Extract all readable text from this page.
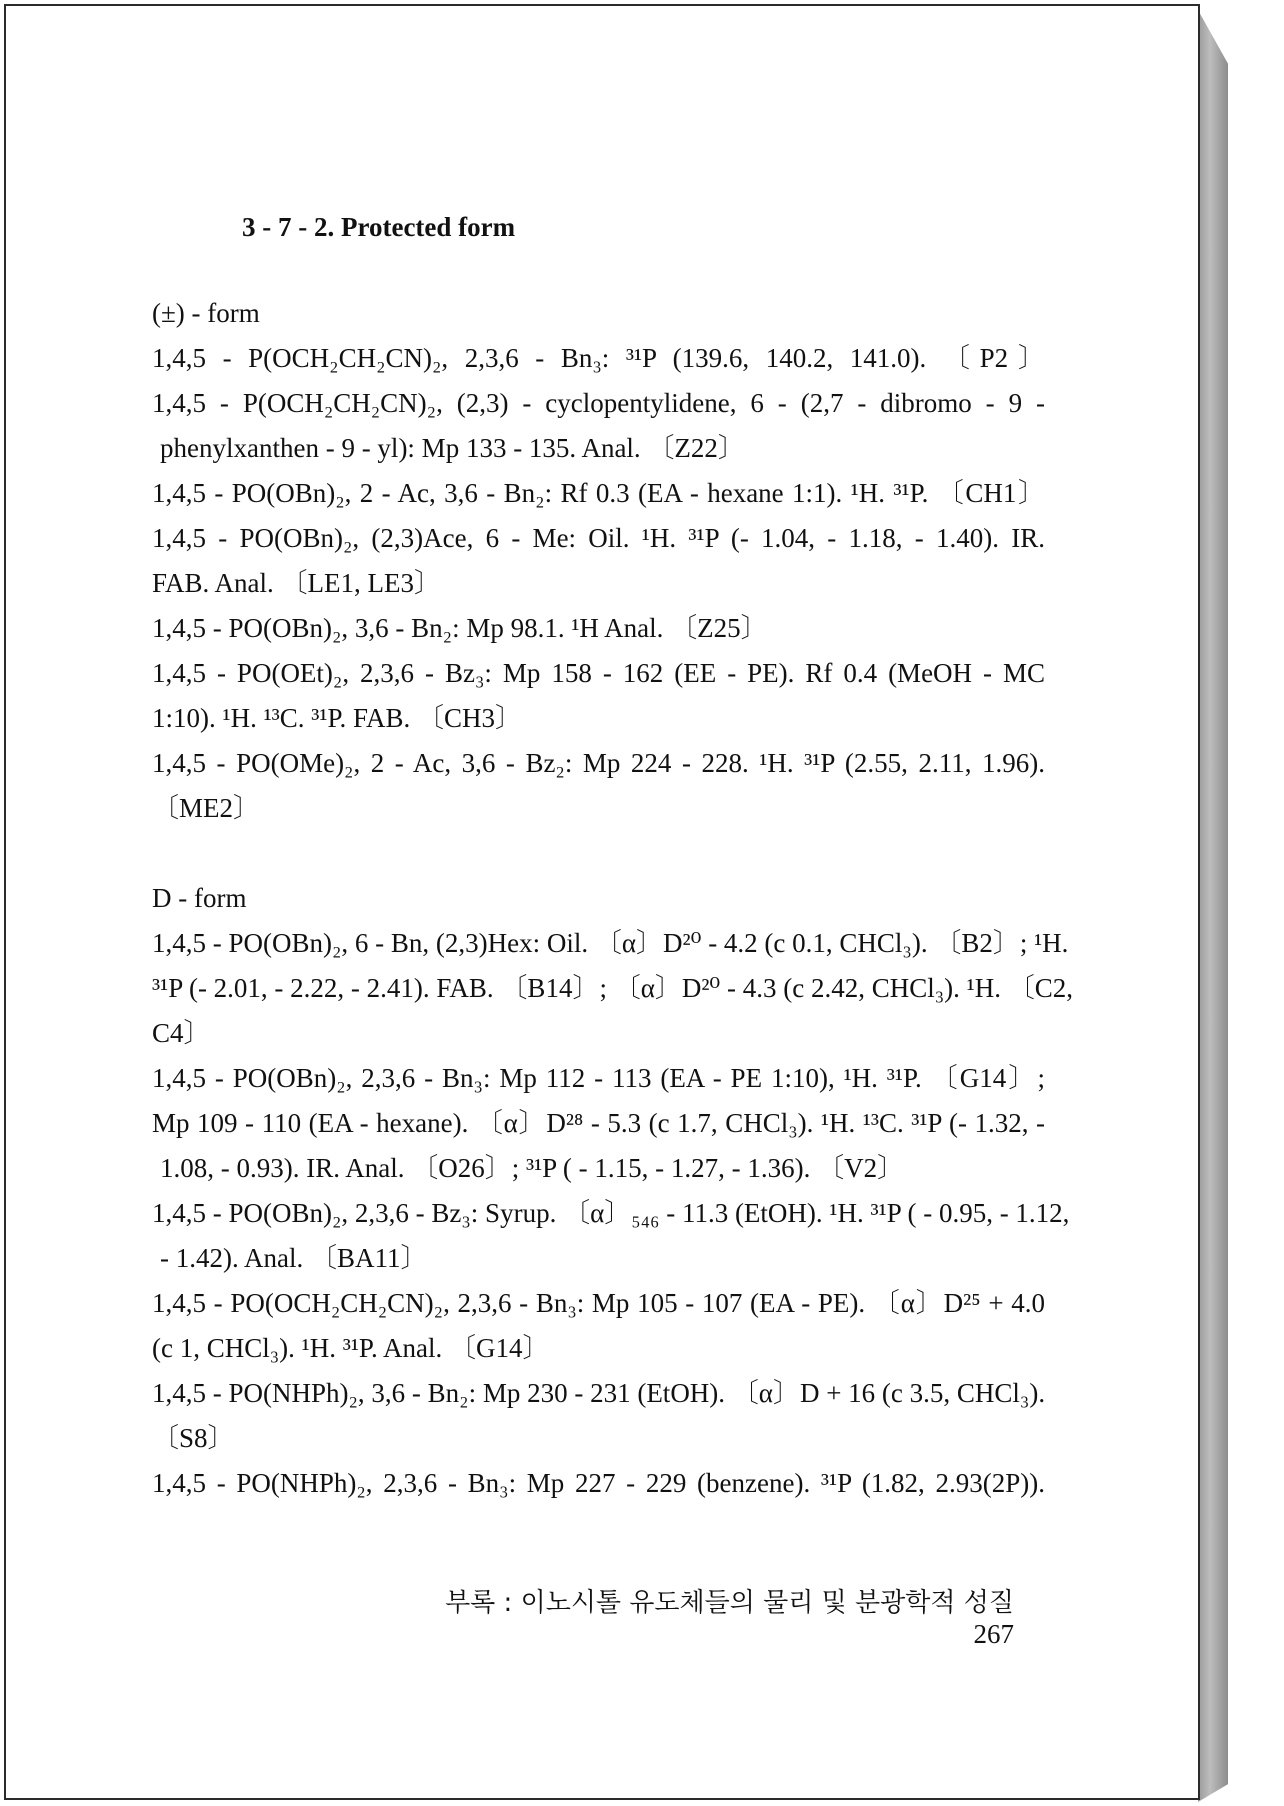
3 - 7 - 2. Protected form
(±) - form
1,4,5 - P(OCH₂CH₂CN)₂, 2,3,6 - Bn₃: ³¹P (139.6, 140.2, 141.0). 〔P2〕
1,4,5 - P(OCH₂CH₂CN)₂, (2,3) - cyclopentylidene, 6 - (2,7 - dibromo - 9 -
phenylxanthen - 9 - yl): Mp 133 - 135. Anal. 〔Z22〕
1,4,5 - PO(OBn)₂, 2 - Ac, 3,6 - Bn₂: Rf 0.3 (EA - hexane 1:1). ¹H. ³¹P. 〔CH1〕
1,4,5 - PO(OBn)₂, (2,3)Ace, 6 - Me: Oil. ¹H. ³¹P (- 1.04, - 1.18, - 1.40). IR.
FAB. Anal. 〔LE1, LE3〕
1,4,5 - PO(OBn)₂, 3,6 - Bn₂: Mp 98.1. ¹H Anal. 〔Z25〕
1,4,5 - PO(OEt)₂, 2,3,6 - Bz₃: Mp 158 - 162 (EE - PE). Rf 0.4 (MeOH - MC
1:10). ¹H. ¹³C. ³¹P. FAB. 〔CH3〕
1,4,5 - PO(OMe)₂, 2 - Ac, 3,6 - Bz₂: Mp 224 - 228. ¹H. ³¹P (2.55, 2.11, 1.96).
〔ME2〕
D - form
1,4,5 - PO(OBn)₂, 6 - Bn, (2,3)Hex: Oil. 〔α〕D²⁰ - 4.2 (c 0.1, CHCl₃). 〔B2〕; ¹H.
³¹P (- 2.01, - 2.22, - 2.41). FAB. 〔B14〕; 〔α〕D²⁰ - 4.3 (c 2.42, CHCl₃). ¹H. 〔C2,
C4〕
1,4,5 - PO(OBn)₂, 2,3,6 - Bn₃: Mp 112 - 113 (EA - PE 1:10), ¹H. ³¹P. 〔G14〕;
Mp 109 - 110 (EA - hexane). 〔α〕D²⁸ - 5.3 (c 1.7, CHCl₃). ¹H. ¹³C. ³¹P (- 1.32, -
1.08, - 0.93). IR. Anal. 〔O26〕; ³¹P ( - 1.15, - 1.27, - 1.36). 〔V2〕
1,4,5 - PO(OBn)₂, 2,3,6 - Bz₃: Syrup. 〔α〕₅₄₆ - 11.3 (EtOH). ¹H. ³¹P ( - 0.95, - 1.12,
- 1.42). Anal. 〔BA11〕
1,4,5 - PO(OCH₂CH₂CN)₂, 2,3,6 - Bn₃: Mp 105 - 107 (EA - PE). 〔α〕D²⁵ + 4.0
(c 1, CHCl₃). ¹H. ³¹P. Anal. 〔G14〕
1,4,5 - PO(NHPh)₂, 3,6 - Bn₂: Mp 230 - 231 (EtOH). 〔α〕D + 16 (c 3.5, CHCl₃).
〔S8〕
1,4,5 - PO(NHPh)₂, 2,3,6 - Bn₃: Mp 227 - 229 (benzene). ³¹P (1.82, 2.93(2P)).
부록 : 이노시톨 유도체들의 물리 및 분광학적 성질267
